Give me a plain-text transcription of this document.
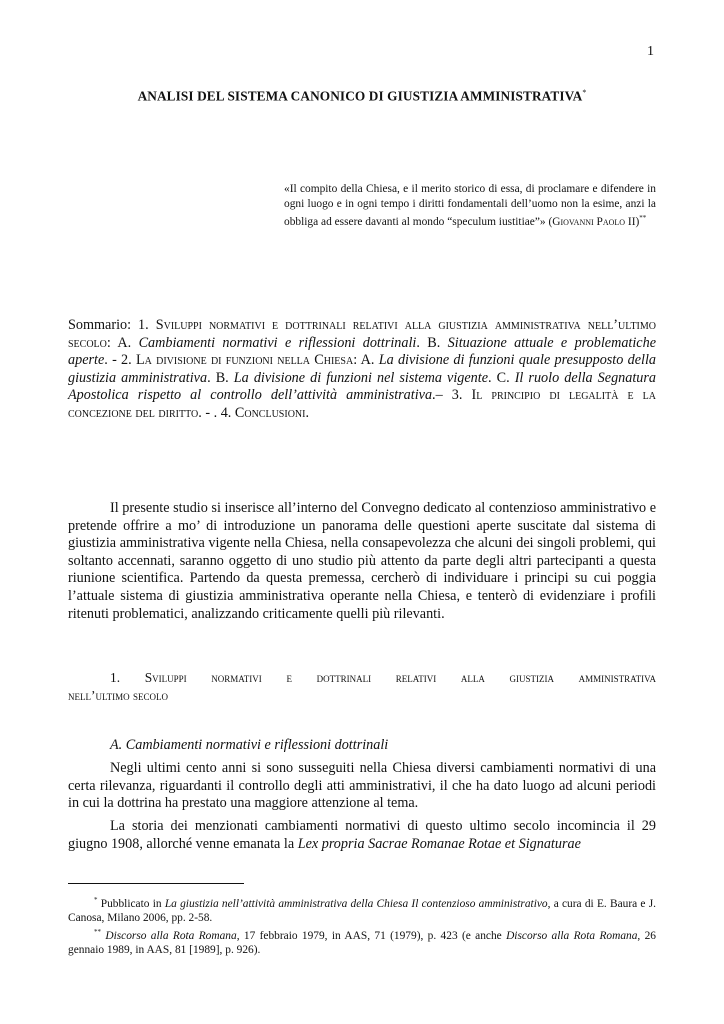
1
ANALISI DEL SISTEMA CANONICO DI GIUSTIZIA AMMINISTRATIVA*
«Il compito della Chiesa, e il merito storico di essa, di proclamare e difendere in ogni luogo e in ogni tempo i diritti fondamentali dell’uomo non la esime, anzi la obbliga ad essere davanti al mondo “speculum iustitiae”» (Giovanni Paolo II)**
Sommario: 1. Sviluppi normativi e dottrinali relativi alla giustizia amministrativa nell’ultimo secolo: A. Cambiamenti normativi e riflessioni dottrinali. B. Situazione attuale e problematiche aperte. - 2. La divisione di funzioni nella Chiesa: A. La divisione di funzioni quale presupposto della giustizia amministrativa. B. La divisione di funzioni nel sistema vigente. C. Il ruolo della Segnatura Apostolica rispetto al controllo dell’attività amministrativa.– 3. Il principio di legalità e la concezione del diritto. - . 4. Conclusioni.

Il presente studio si inserisce all’interno del Convegno dedicato al contenzioso amministrativo e pretende offrire a mo’ di introduzione un panorama delle questioni aperte suscitate dal sistema di giustizia amministrativa vigente nella Chiesa, nella consapevolezza che alcuni dei singoli problemi, qui soltanto accennati, saranno oggetto di uno studio più attento da parte degli altri partecipanti a questa riunione scientifica. Partendo da questa premessa, cercherò di individuare i principi su cui poggia l’attuale sistema di giustizia amministrativa operante nella Chiesa, e tenterò di evidenziare i profili ritenuti problematici, analizzando criticamente quelli più rilevanti.

1. Sviluppi normativi e dottrinali relativi alla giustizia amministrativa
nell’ultimo secolo
A. Cambiamenti normativi e riflessioni dottrinali

Negli ultimi cento anni si sono susseguiti nella Chiesa diversi cambiamenti normativi di una certa rilevanza, riguardanti il controllo degli atti amministrativi, il che ha dato luogo ad alcuni periodi in cui la dottrina ha prestato una maggiore attenzione al tema.

La storia dei menzionati cambiamenti normativi di questo ultimo secolo incomincia il 29 giugno 1908, allorché venne emanata la Lex propria Sacrae Romanae Rotae et Signaturae

* Pubblicato in La giustizia nell’attività amministrativa della Chiesa Il contenzioso amministrativo, a cura di E. Baura e J. Canosa, Milano 2006, pp. 2-58.

** Discorso alla Rota Romana, 17 febbraio 1979, in AAS, 71 (1979), p. 423 (e anche Discorso alla Rota Romana, 26 gennaio 1989, in AAS, 81 [1989], p. 926).
